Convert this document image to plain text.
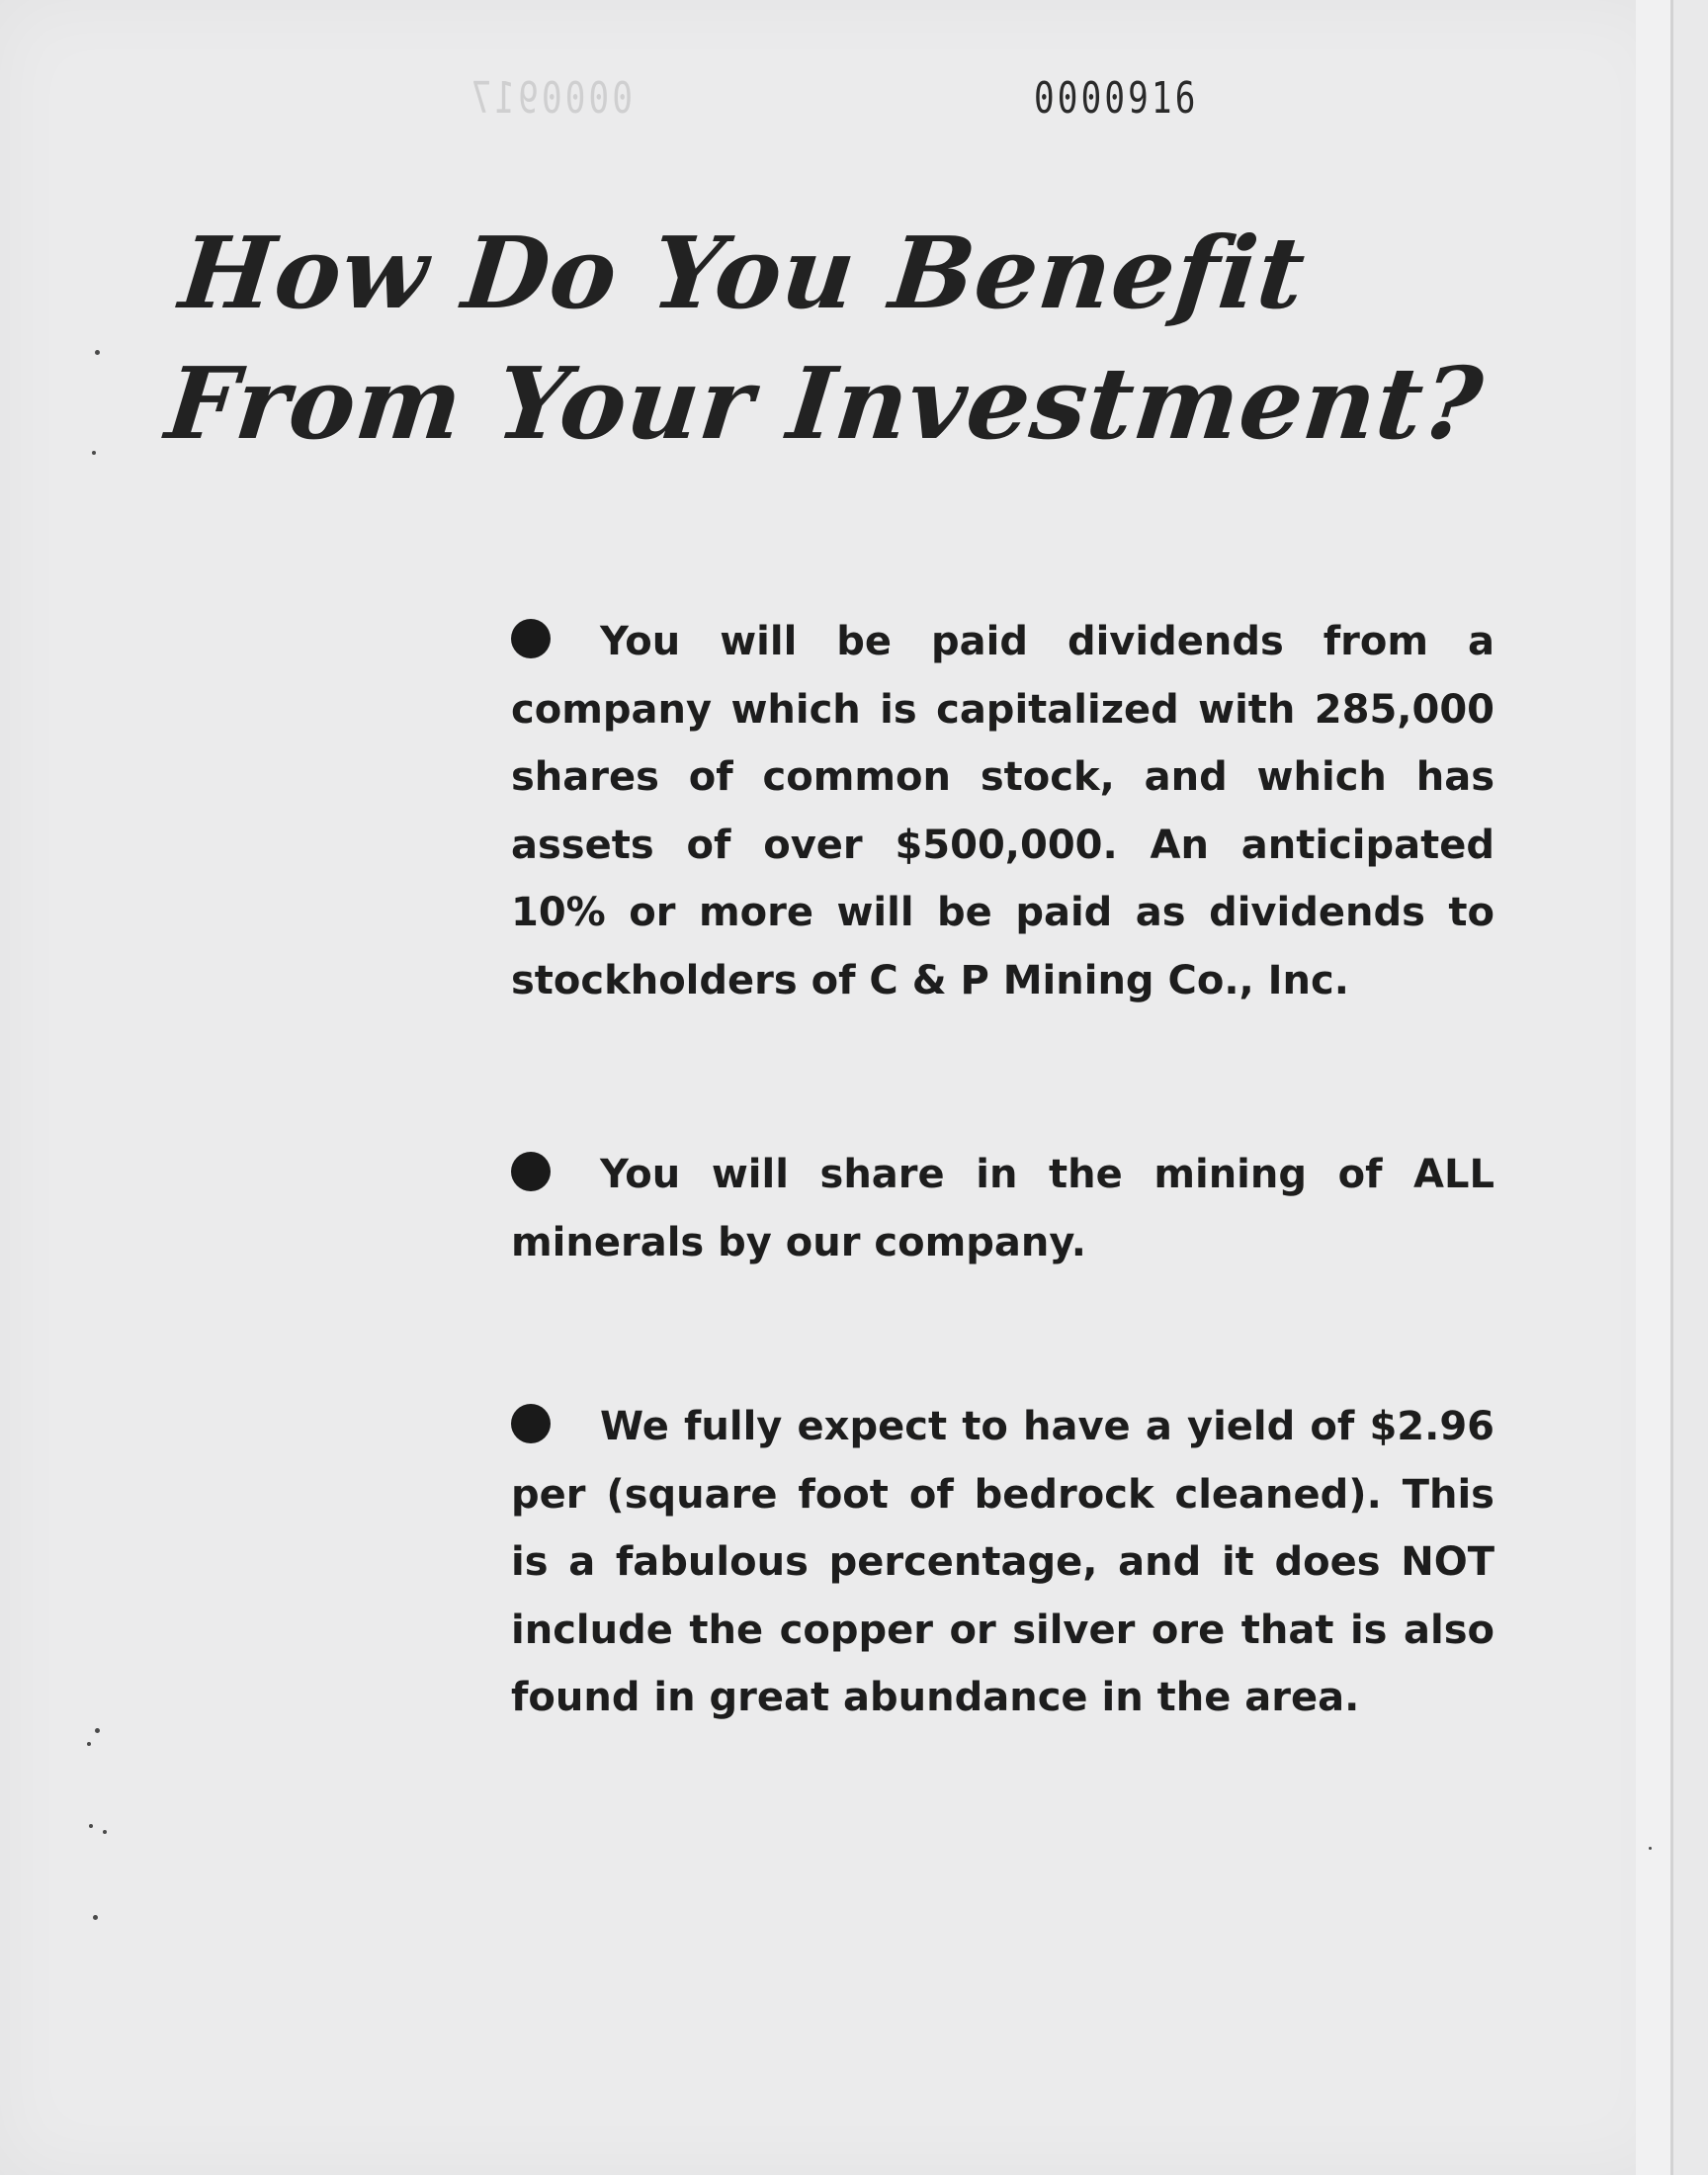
0000917	0000916
How Do You Benefit
From Your Investment?

You will be paid dividends from a company which is capitalized with 285,000 shares of common stock, and which has assets of over $500,000. An anticipated 10% or more will be paid as dividends to stockholders of C & P Mining Co., Inc.

You will share in the mining of ALL minerals by our company.

We fully expect to have a yield of $2.96 per (square foot of bedrock cleaned). This is a fabulous percentage, and it does NOT include the copper or silver ore that is also found in great abundance in the area.
